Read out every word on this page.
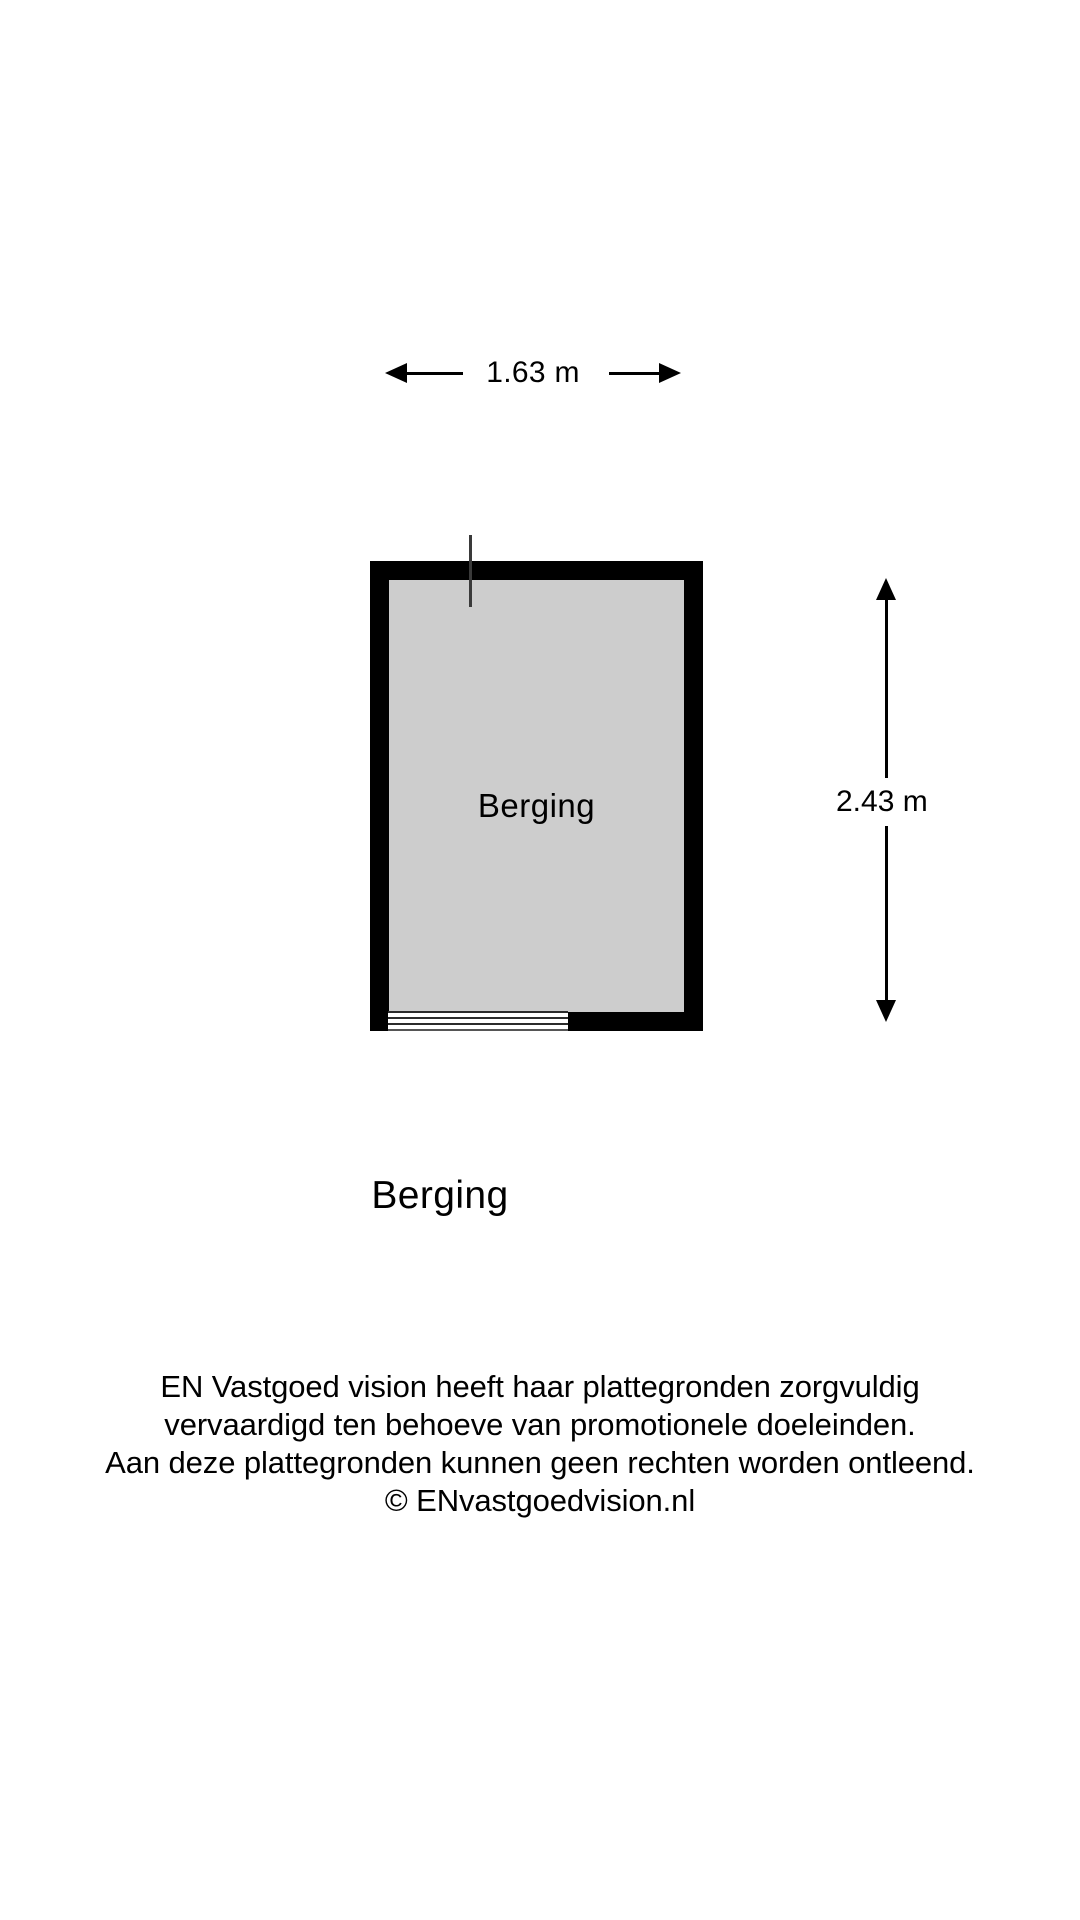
1.63 m
2.43 m
Berging
Berging
EN Vastgoed vision heeft haar plattegronden zorgvuldig
vervaardigd ten behoeve van promotionele doeleinden.
Aan deze plattegronden kunnen geen rechten worden ontleend.
© ENvastgoedvision.nl
